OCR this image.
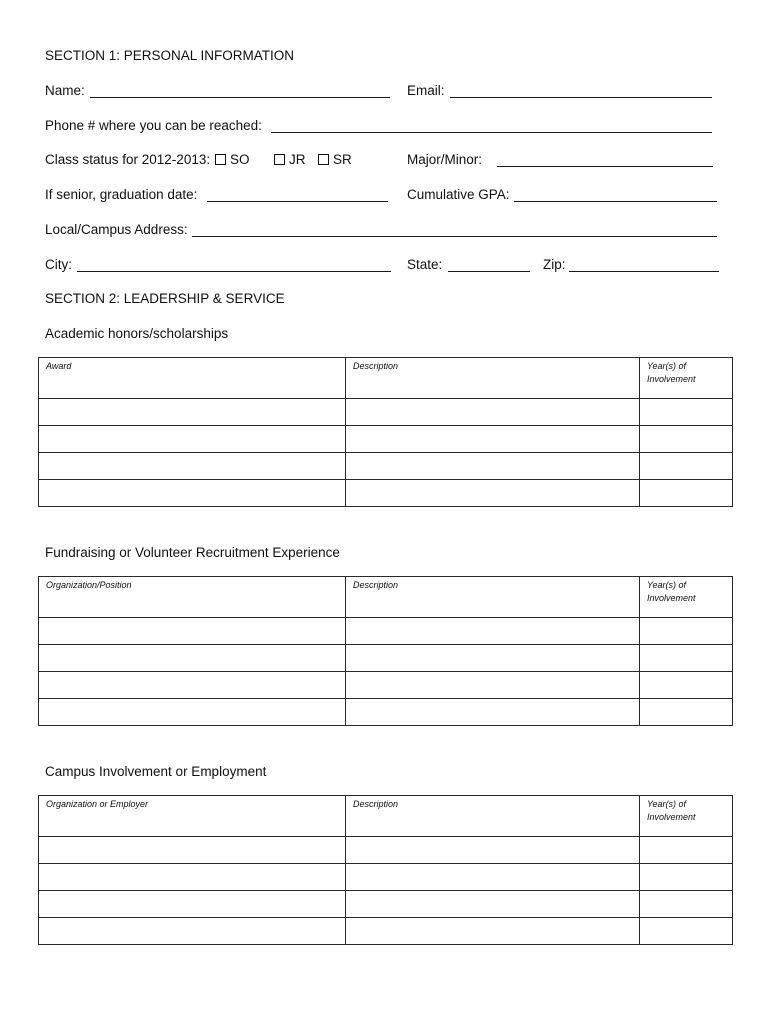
SECTION 1: PERSONAL INFORMATION
Name:	Email:
Phone # where you can be reached:
Class status for 2012-2013:	SO	JR	SR	Major/Minor:
If senior, graduation date:	Cumulative GPA:
Local/Campus Address:
City:	State:	Zip:
SECTION 2: LEADERSHIP & SERVICE
Academic honors/scholarships
Award	Description	Year(s) of Involvement

Fundraising or Volunteer Recruitment Experience
Organization/Position	Description	Year(s) of Involvement

Campus Involvement or Employment
Organization or Employer	Description	Year(s) of Involvement
